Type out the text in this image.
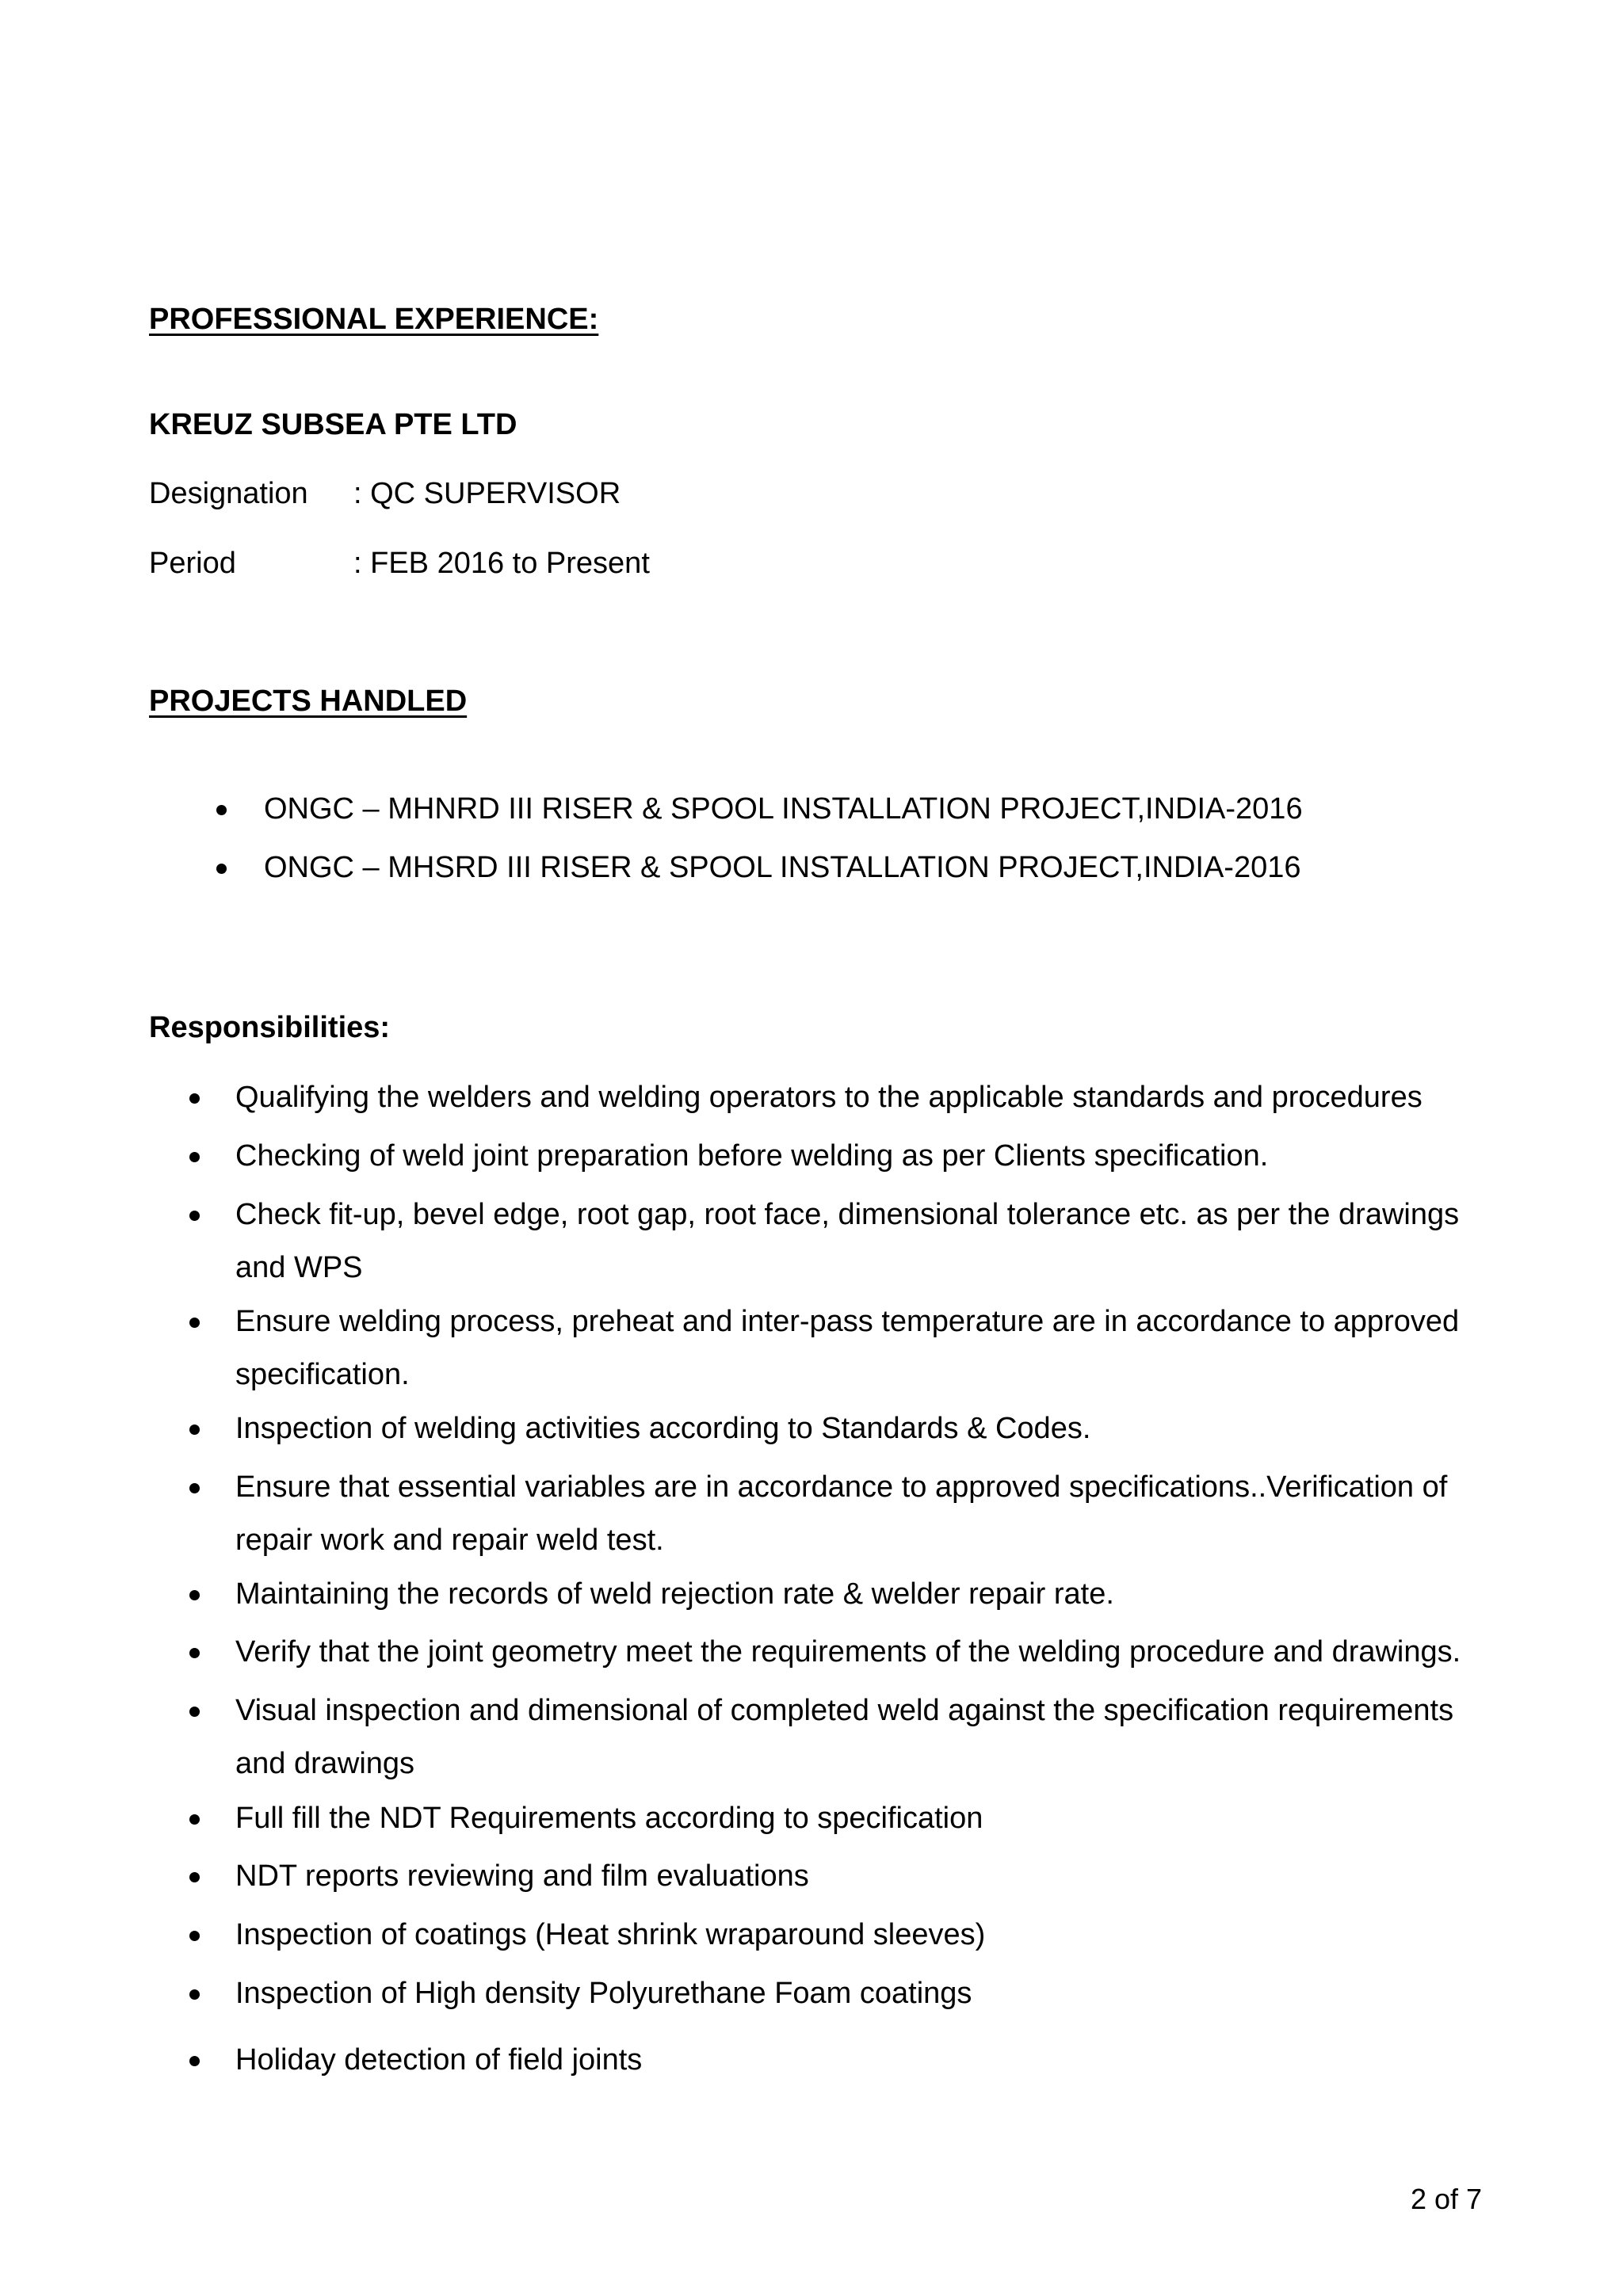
PROFESSIONAL EXPERIENCE:
KREUZ SUBSEA PTE LTD
Designation : QC SUPERVISOR
Period	: FEB 2016 to Present
PROJECTS HANDLED
ONGC – MHNRD III RISER & SPOOL INSTALLATION PROJECT,INDIA-2016
ONGC – MHSRD III RISER & SPOOL INSTALLATION PROJECT,INDIA-2016
Responsibilities:
Qualifying the welders and welding operators to the applicable standards and procedures
Checking of weld joint preparation before welding as per Clients specification.
Check fit-up, bevel edge, root gap, root face, dimensional tolerance etc. as per the drawings
and WPS
Ensure welding process, preheat and inter-pass temperature are in accordance to approved
specification.
Inspection of welding activities according to Standards & Codes.
Ensure that essential variables are in accordance to approved specifications..Verification of
repair work and repair weld test.
Maintaining the records of weld rejection rate & welder repair rate.
Verify that the joint geometry meet the requirements of the welding procedure and drawings.
Visual inspection and dimensional of completed weld against the specification requirements
and drawings
Full fill the NDT Requirements according to specification
NDT reports reviewing and film evaluations
Inspection of coatings (Heat shrink wraparound sleeves)
Inspection of High density Polyurethane Foam coatings
Holiday detection of field joints
2 of 7
